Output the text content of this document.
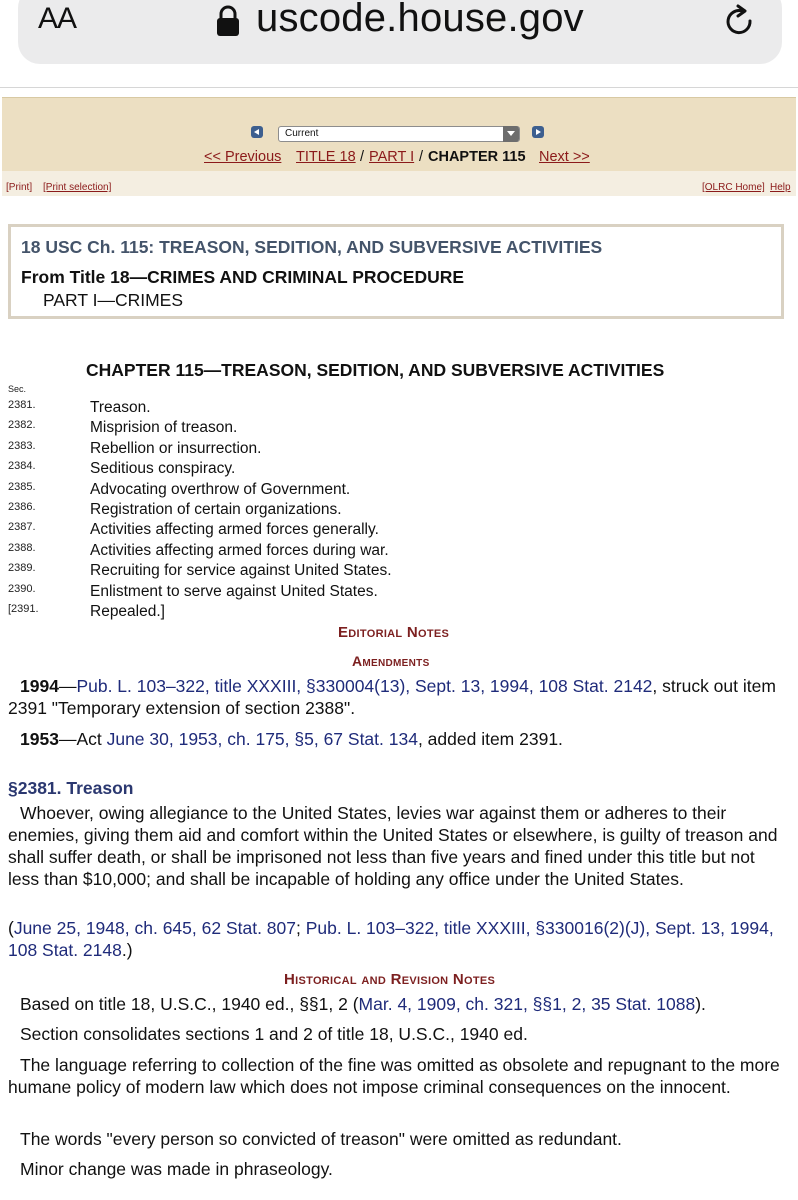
AA	uscode.house.gov
Current
<< Previous TITLE 18 / PART I / CHAPTER 115 Next >>
[Print] [Print selection]	[OLRC Home] Help
18 USC Ch. 115: TREASON, SEDITION, AND SUBVERSIVE ACTIVITIES
From Title 18—CRIMES AND CRIMINAL PROCEDURE
PART I—CRIMES
CHAPTER 115—TREASON, SEDITION, AND SUBVERSIVE ACTIVITIES
Sec.
2381.	Treason.
2382.	Misprision of treason.
2383.	Rebellion or insurrection.
2384.	Seditious conspiracy.
2385.	Advocating overthrow of Government.
2386.	Registration of certain organizations.
2387.	Activities affecting armed forces generally.
2388.	Activities affecting armed forces during war.
2389.	Recruiting for service against United States.
2390.	Enlistment to serve against United States.
[2391.	Repealed.]
Editorial Notes
Amendments
1994—Pub. L. 103–322, title XXXIII, §330004(13), Sept. 13, 1994, 108 Stat. 2142, struck out item 2391 "Temporary extension of section 2388".
1953—Act June 30, 1953, ch. 175, §5, 67 Stat. 134, added item 2391.
§2381. Treason
Whoever, owing allegiance to the United States, levies war against them or adheres to their enemies, giving them aid and comfort within the United States or elsewhere, is guilty of treason and shall suffer death, or shall be imprisoned not less than five years and fined under this title but not less than $10,000; and shall be incapable of holding any office under the United States.
(June 25, 1948, ch. 645, 62 Stat. 807; Pub. L. 103–322, title XXXIII, §330016(2)(J), Sept. 13, 1994, 108 Stat. 2148.)
Historical and Revision Notes
Based on title 18, U.S.C., 1940 ed., §§1, 2 (Mar. 4, 1909, ch. 321, §§1, 2, 35 Stat. 1088).
Section consolidates sections 1 and 2 of title 18, U.S.C., 1940 ed.
The language referring to collection of the fine was omitted as obsolete and repugnant to the more humane policy of modern law which does not impose criminal consequences on the innocent.
The words "every person so convicted of treason" were omitted as redundant.
Minor change was made in phraseology.
